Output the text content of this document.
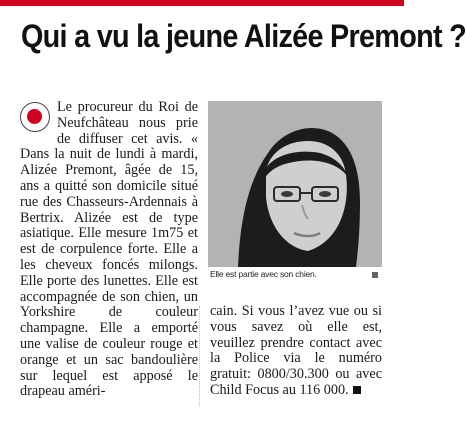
Qui a vu la jeune Alizée Premont ?

Le procureur du Roi de Neufchâteau nous prie de diffuser cet avis. « Dans la nuit de lundi à mardi, Alizée Premont, âgée de 15, ans a quitté son domicile situé rue des Chasseurs-Ardennais à Bertrix. Alizée est de type asiatique. Elle mesure 1m75 et est de corpulence forte. Elle a les cheveux foncés milongs. Elle porte des lunettes. Elle est accompagnée de son chien, un Yorkshire de couleur champagne. Elle a emporté une valise de couleur rouge et orange et un sac bandoulière sur lequel est apposé le drapeau améri-

Elle est partie avec son chien.

cain. Si vous l’avez vue ou si vous savez où elle est, veuillez prendre contact avec la Police via le numéro gratuit: 0800/30.300 ou avec Child Focus au 116 000.
